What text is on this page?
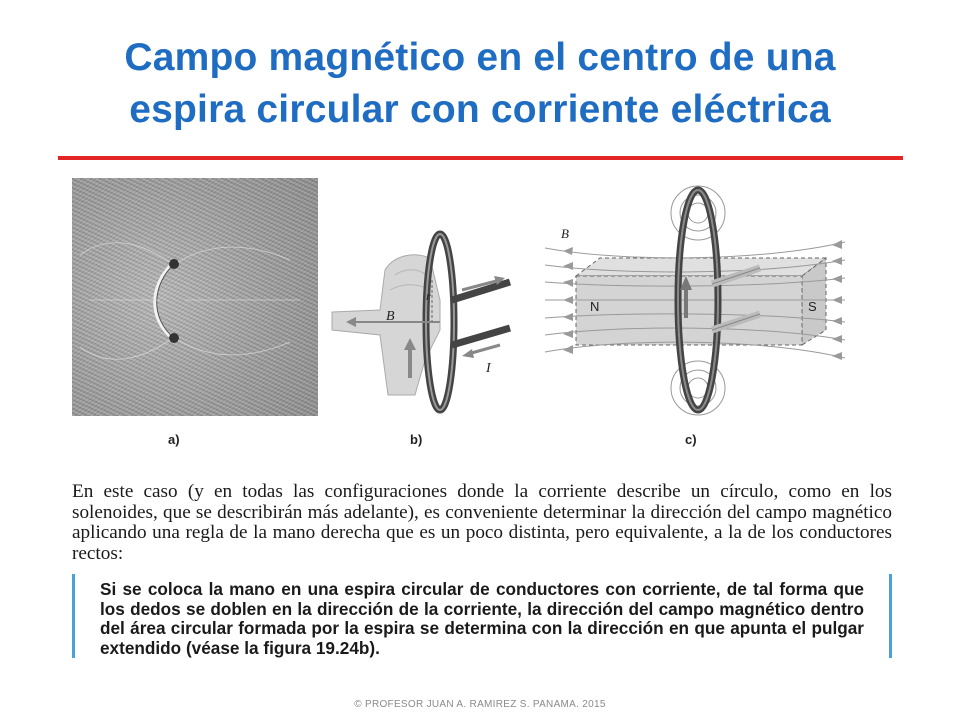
Campo magnético en el centro de una
espira circular con corriente eléctrica
B
r
I
B
N	S
a)	b)	c)
En este caso (y en todas las configuraciones donde la corriente describe un círculo, como en los solenoides, que se describirán más adelante), es conveniente determinar la dirección del campo magnético aplicando una regla de la mano derecha que es un poco distinta, pero equivalente, a la de los conductores rectos:
Si se coloca la mano en una espira circular de conductores con corriente, de tal forma que los dedos se doblen en la dirección de la corriente, la dirección del campo magnético dentro del área circular formada por la espira se determina con la dirección en que apunta el pulgar extendido (véase la figura 19.24b).
© PROFESOR JUAN A. RAMIREZ S. PANAMA. 2015
